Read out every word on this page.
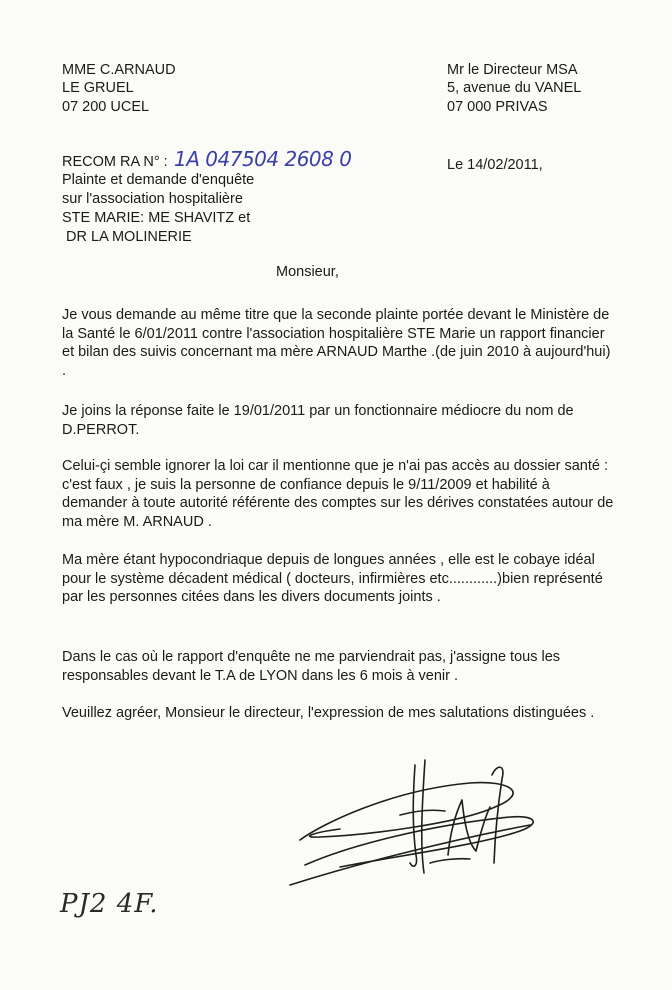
MME C.ARNAUD
LE GRUEL
07 200 UCEL
Mr le Directeur MSA
5, avenue du VANEL
07 000 PRIVAS
RECOM RA N° : 1A 047504 2608 0	Le 14/02/2011,
Plainte et demande d'enquête
sur l'association hospitalière
STE MARIE: ME SHAVITZ et
DR LA MOLINERIE
Monsieur,
Je vous demande au même titre que la seconde plainte portée devant le Ministère de la Santé le 6/01/2011 contre l'association hospitalière STE Marie un rapport financier et bilan des suivis concernant ma mère ARNAUD Marthe .(de juin 2010 à aujourd'hui) .
Je joins la réponse faite le 19/01/2011 par un fonctionnaire médiocre du nom de D.PERROT.
Celui-çi semble ignorer la loi car il mentionne que je n'ai pas accès au dossier santé : c'est faux , je suis la personne de confiance depuis le 9/11/2009 et habilité à demander à toute autorité référente des comptes sur les dérives constatées autour de ma mère M. ARNAUD .
Ma mère étant hypocondriaque depuis de longues années , elle est le cobaye idéal pour le système décadent médical ( docteurs, infirmières etc............)bien représenté par les personnes citées dans les divers documents joints .
Dans le cas où le rapport d'enquête ne me parviendrait pas, j'assigne tous les responsables devant le T.A de LYON dans les 6 mois à venir .
Veuillez agréer, Monsieur le directeur, l'expression de mes salutations distinguées .
PJ2 4F.
